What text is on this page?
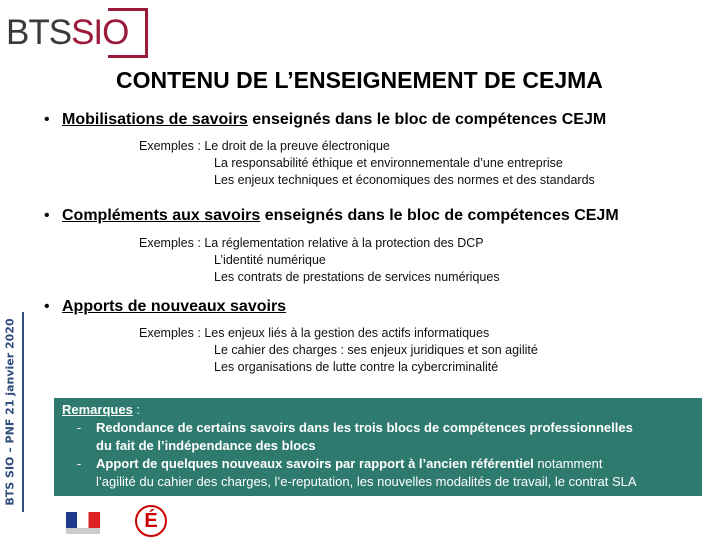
BTS SIO
BTS SIO – PNF 21 janvier 2020
CONTENU DE L’ENSEIGNEMENT DE CEJMA
• Mobilisations de savoirs enseignés dans le bloc de compétences CEJM
Exemples : Le droit de la preuve électronique
La responsabilité éthique et environnementale d’une entreprise
Les enjeux techniques et économiques des normes et des standards
• Compléments aux savoirs enseignés dans le bloc de compétences CEJM
Exemples : La réglementation relative à la protection des DCP
L’identité numérique
Les contrats de prestations de services numériques
• Apports de nouveaux savoirs
Exemples : Les enjeux liés à la gestion des actifs informatiques
Le cahier des charges : ses enjeux juridiques et son agilité
Les organisations de lutte contre la cybercriminalité
Remarques :
-	Redondance de certains savoirs dans les trois blocs de compétences professionnelles
du fait de l’indépendance des blocs
-	Apport de quelques nouveaux savoirs par rapport à l’ancien référentiel notamment
l’agilité du cahier des charges, l’e-reputation, les nouvelles modalités de travail, le contrat SLA
É
